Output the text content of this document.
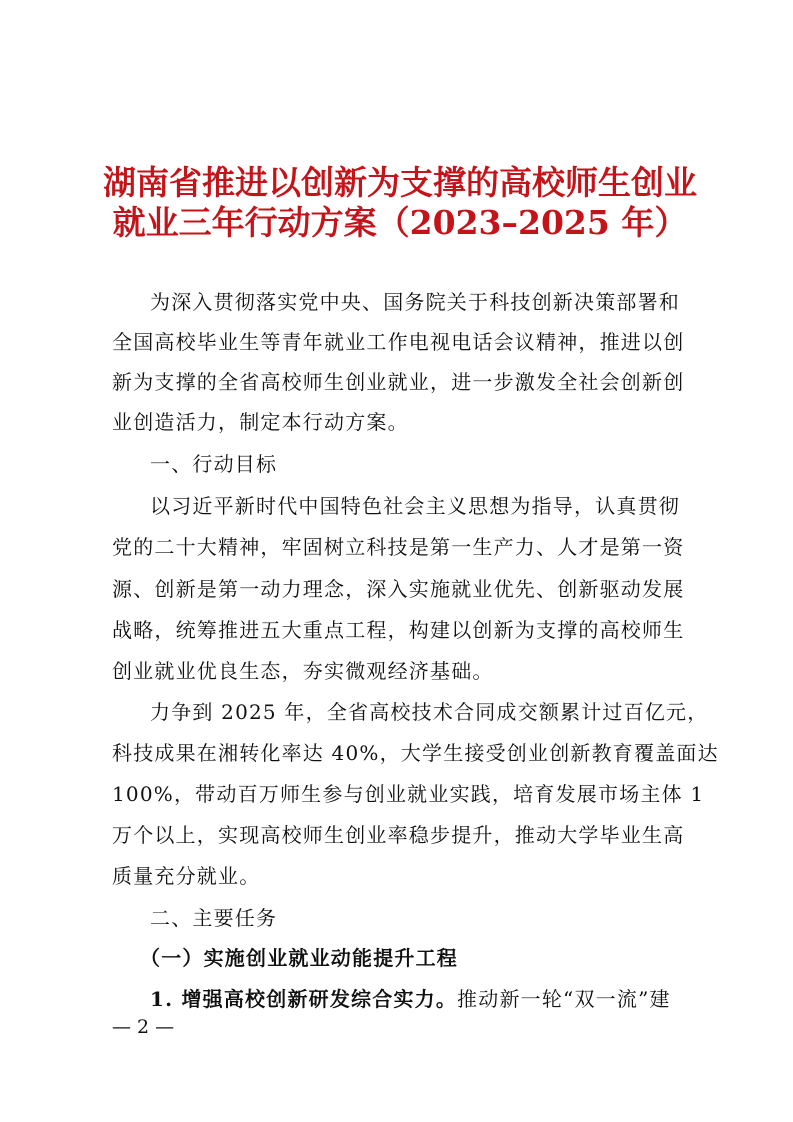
湖南省推进以创新为支撑的高校师生创业
就业三年行动方案（2023–2025 年）

为深入贯彻落实党中央、国务院关于科技创新决策部署和

全国高校毕业生等青年就业工作电视电话会议精神，推进以创

新为支撑的全省高校师生创业就业，进一步激发全社会创新创

业创造活力，制定本行动方案。

一、行动目标

以习近平新时代中国特色社会主义思想为指导，认真贯彻

党的二十大精神，牢固树立科技是第一生产力、人才是第一资

源、创新是第一动力理念，深入实施就业优先、创新驱动发展

战略，统筹推进五大重点工程，构建以创新为支撑的高校师生

创业就业优良生态，夯实微观经济基础。

力争到 2025 年，全省高校技术合同成交额累计过百亿元，

科技成果在湘转化率达 40%，大学生接受创业创新教育覆盖面达

100%，带动百万师生参与创业就业实践，培育发展市场主体 1

万个以上，实现高校师生创业率稳步提升，推动大学毕业生高

质量充分就业。

二、主要任务

（一）实施创业就业动能提升工程

1. 增强高校创新研发综合实力。推动新一轮“双一流”建

— 2 —
